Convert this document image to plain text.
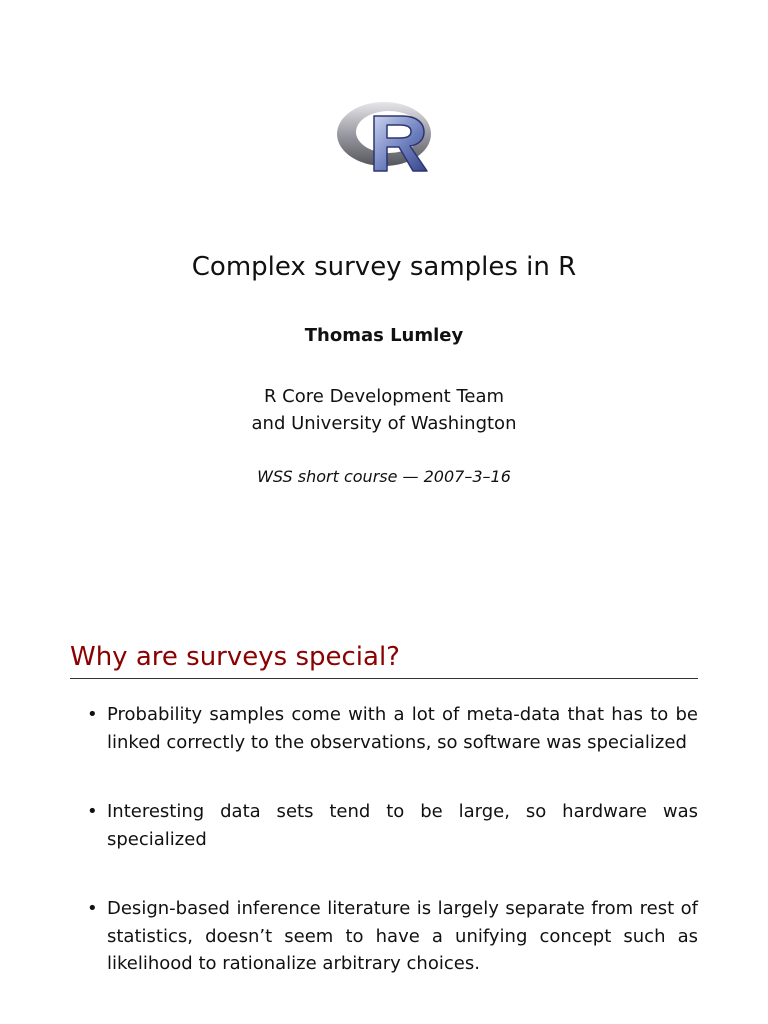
Complex survey samples in R
Thomas Lumley
R Core Development Team
and University of Washington
WSS short course — 2007–3–16
Why are surveys special?
• Probability samples come with a lot of meta-data that has to be linked correctly to the observations, so software was specialized
• Interesting data sets tend to be large, so hardware was specialized
• Design-based inference literature is largely separate from rest of statistics, doesn’t seem to have a unifying concept such as likelihood to rationalize arbitrary choices.
